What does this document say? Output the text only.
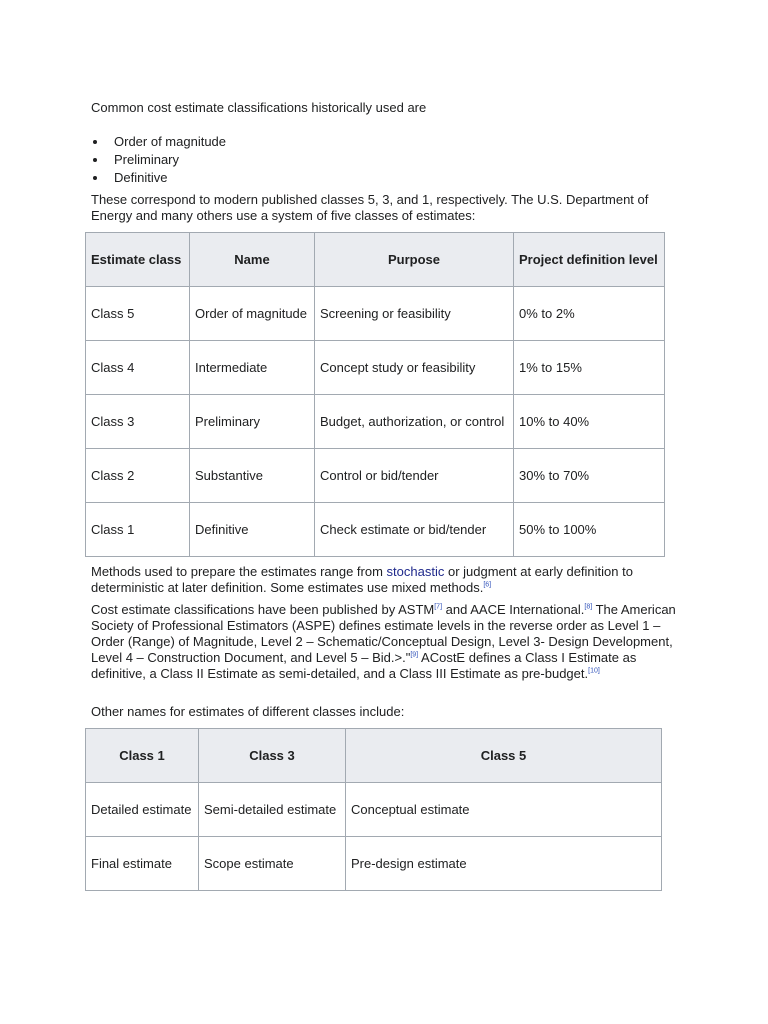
Common cost estimate classifications historically used are

Order of magnitude
Preliminary
Definitive

These correspond to modern published classes 5, 3, and 1, respectively. The U.S. Department of Energy and many others use a system of five classes of estimates:

Estimate class	Name	Purpose	Project definition level
Class 5	Order of magnitude	Screening or feasibility	0% to 2%
Class 4	Intermediate	Concept study or feasibility	1% to 15%
Class 3	Preliminary	Budget, authorization, or control	10% to 40%
Class 2	Substantive	Control or bid/tender	30% to 70%
Class 1	Definitive	Check estimate or bid/tender	50% to 100%

Methods used to prepare the estimates range from stochastic or judgment at early definition to deterministic at later definition. Some estimates use mixed methods.[6]

Cost estimate classifications have been published by ASTM[7] and AACE International.[8] The American Society of Professional Estimators (ASPE) defines estimate levels in the reverse order as Level 1 – Order (Range) of Magnitude, Level 2 – Schematic/Conceptual Design, Level 3- Design Development, Level 4 – Construction Document, and Level 5 – Bid.>."[9] ACostE defines a Class I Estimate as definitive, a Class II Estimate as semi-detailed, and a Class III Estimate as pre-budget.[10]

Other names for estimates of different classes include:

Class 1	Class 3	Class 5
Detailed estimate	Semi-detailed estimate	Conceptual estimate
Final estimate	Scope estimate	Pre-design estimate
